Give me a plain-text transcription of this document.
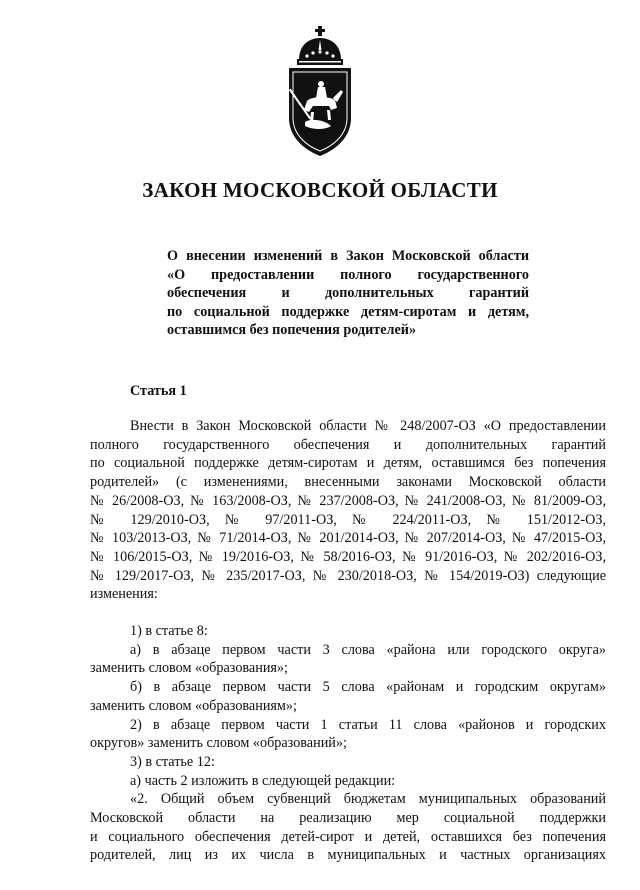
ЗАКОН МОСКОВСКОЙ ОБЛАСТИ
О внесении изменений в Закон Московской области
«О предоставлении полного государственного
обеспечения и дополнительных гарантий
по социальной поддержке детям-сиротам и детям,
оставшимся без попечения родителей»
Статья 1
Внести в Закон Московской области № 248/2007-ОЗ «О предоставлении
полного государственного обеспечения и дополнительных гарантий
по социальной поддержке детям-сиротам и детям, оставшимся без попечения
родителей» (с изменениями, внесенными законами Московской области
№ 26/2008-ОЗ, № 163/2008-ОЗ, № 237/2008-ОЗ, № 241/2008-ОЗ, № 81/2009-ОЗ,
№ 129/2010-ОЗ, № 97/2011-ОЗ, № 224/2011-ОЗ, № 151/2012-ОЗ,
№ 103/2013-ОЗ, № 71/2014-ОЗ, № 201/2014-ОЗ, № 207/2014-ОЗ, № 47/2015-ОЗ,
№ 106/2015-ОЗ, № 19/2016-ОЗ, № 58/2016-ОЗ, № 91/2016-ОЗ, № 202/2016-ОЗ,
№ 129/2017-ОЗ, № 235/2017-ОЗ, № 230/2018-ОЗ, № 154/2019-ОЗ) следующие
изменения:
1) в статье 8:
а) в абзаце первом части 3 слова «района или городского округа»
заменить словом «образования»;
б) в абзаце первом части 5 слова «районам и городским округам»
заменить словом «образованиям»;
2) в абзаце первом части 1 статьи 11 слова «районов и городских
округов» заменить словом «образований»;
3) в статье 12:
а) часть 2 изложить в следующей редакции:
«2. Общий объем субвенций бюджетам муниципальных образований
Московской области на реализацию мер социальной поддержки
и социального обеспечения детей-сирот и детей, оставшихся без попечения
родителей, лиц из их числа в муниципальных и частных организациях
